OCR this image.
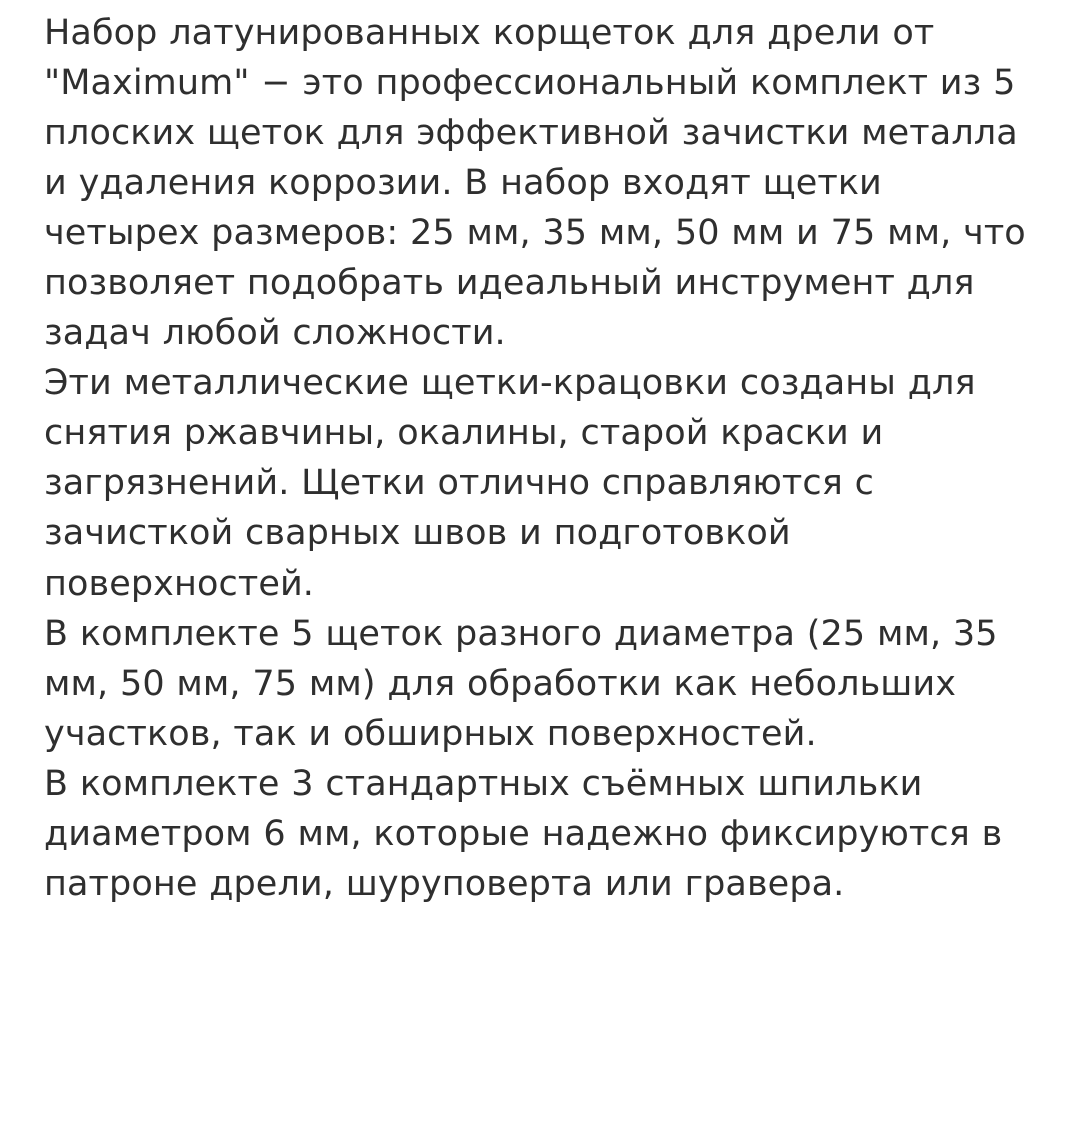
Набор латунированных корщеток для дрели от "Maximum" − это профессиональный комплект из 5 плоских щеток для эффективной зачистки металла и удаления коррозии. В набор входят щетки четырех размеров: 25 мм, 35 мм, 50 мм и 75 мм, что позволяет подобрать идеальный инструмент для задач любой сложности.

Эти металлические щетки-крацовки созданы для снятия ржавчины, окалины, старой краски и загрязнений. Щетки отлично справляются с зачисткой сварных швов и подготовкой поверхностей.

В комплекте 5 щеток разного диаметра (25 мм, 35 мм, 50 мм, 75 мм) для обработки как небольших участков, так и обширных поверхностей.

В комплекте 3 стандартных съёмных шпильки диаметром 6 мм, которые надежно фиксируются в патроне дрели, шуруповерта или гравера.
